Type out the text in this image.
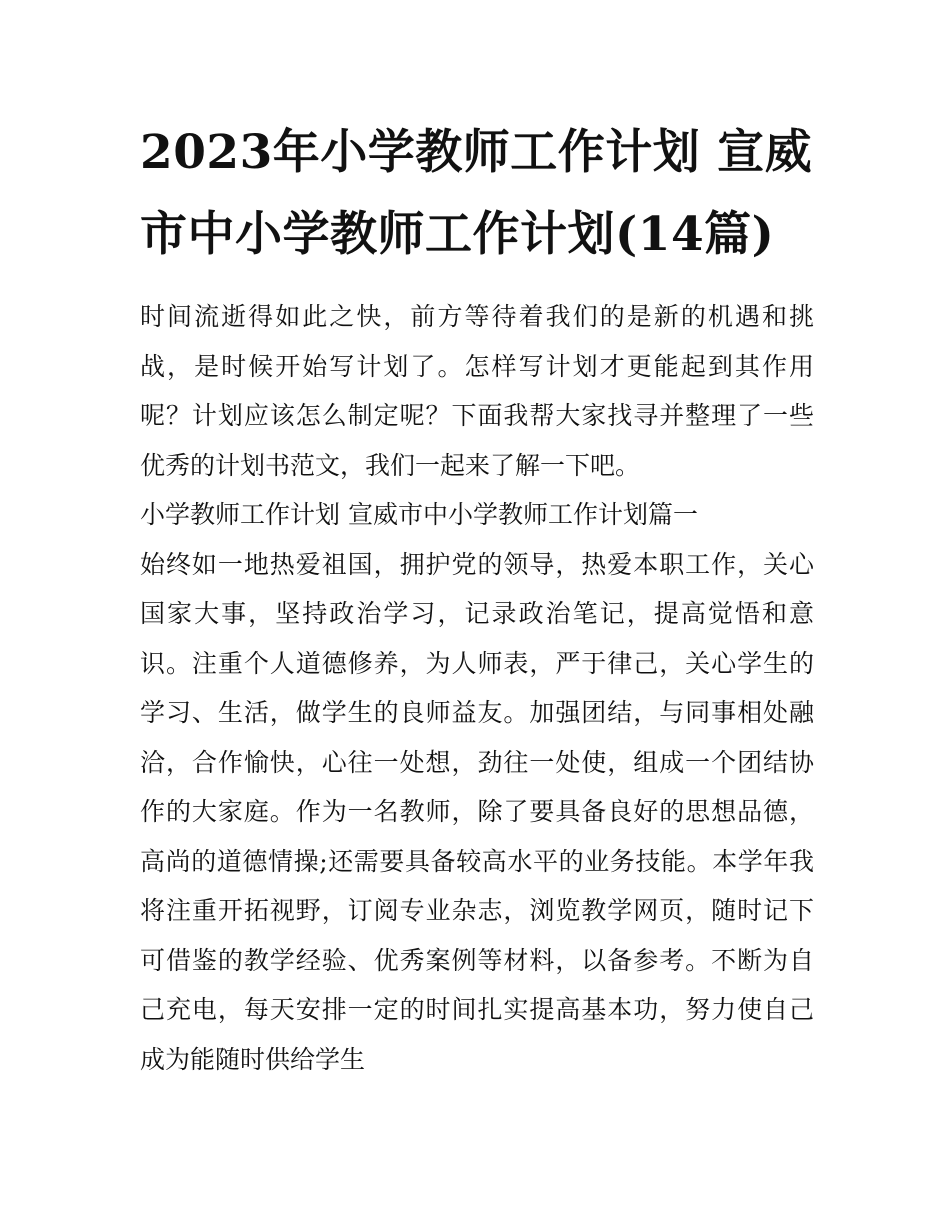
2023年小学教师工作计划 宣威市中小学教师工作计划(14篇)

时间流逝得如此之快，前方等待着我们的是新的机遇和挑战，是时候开始写计划了。怎样写计划才更能起到其作用呢？计划应该怎么制定呢？下面我帮大家找寻并整理了一些优秀的计划书范文，我们一起来了解一下吧。

小学教师工作计划 宣威市中小学教师工作计划篇一

始终如一地热爱祖国，拥护党的领导，热爱本职工作，关心国家大事，坚持政治学习，记录政治笔记，提高觉悟和意识。注重个人道德修养，为人师表，严于律己，关心学生的学习、生活，做学生的良师益友。加强团结，与同事相处融洽，合作愉快，心往一处想，劲往一处使，组成一个团结协作的大家庭。作为一名教师，除了要具备良好的思想品德，高尚的道德情操;还需要具备较高水平的业务技能。本学年我将注重开拓视野，订阅专业杂志，浏览教学网页，随时记下可借鉴的教学经验、优秀案例等材料，以备参考。不断为自己充电，每天安排一定的时间扎实提高基本功，努力使自己成为能随时供给学生
